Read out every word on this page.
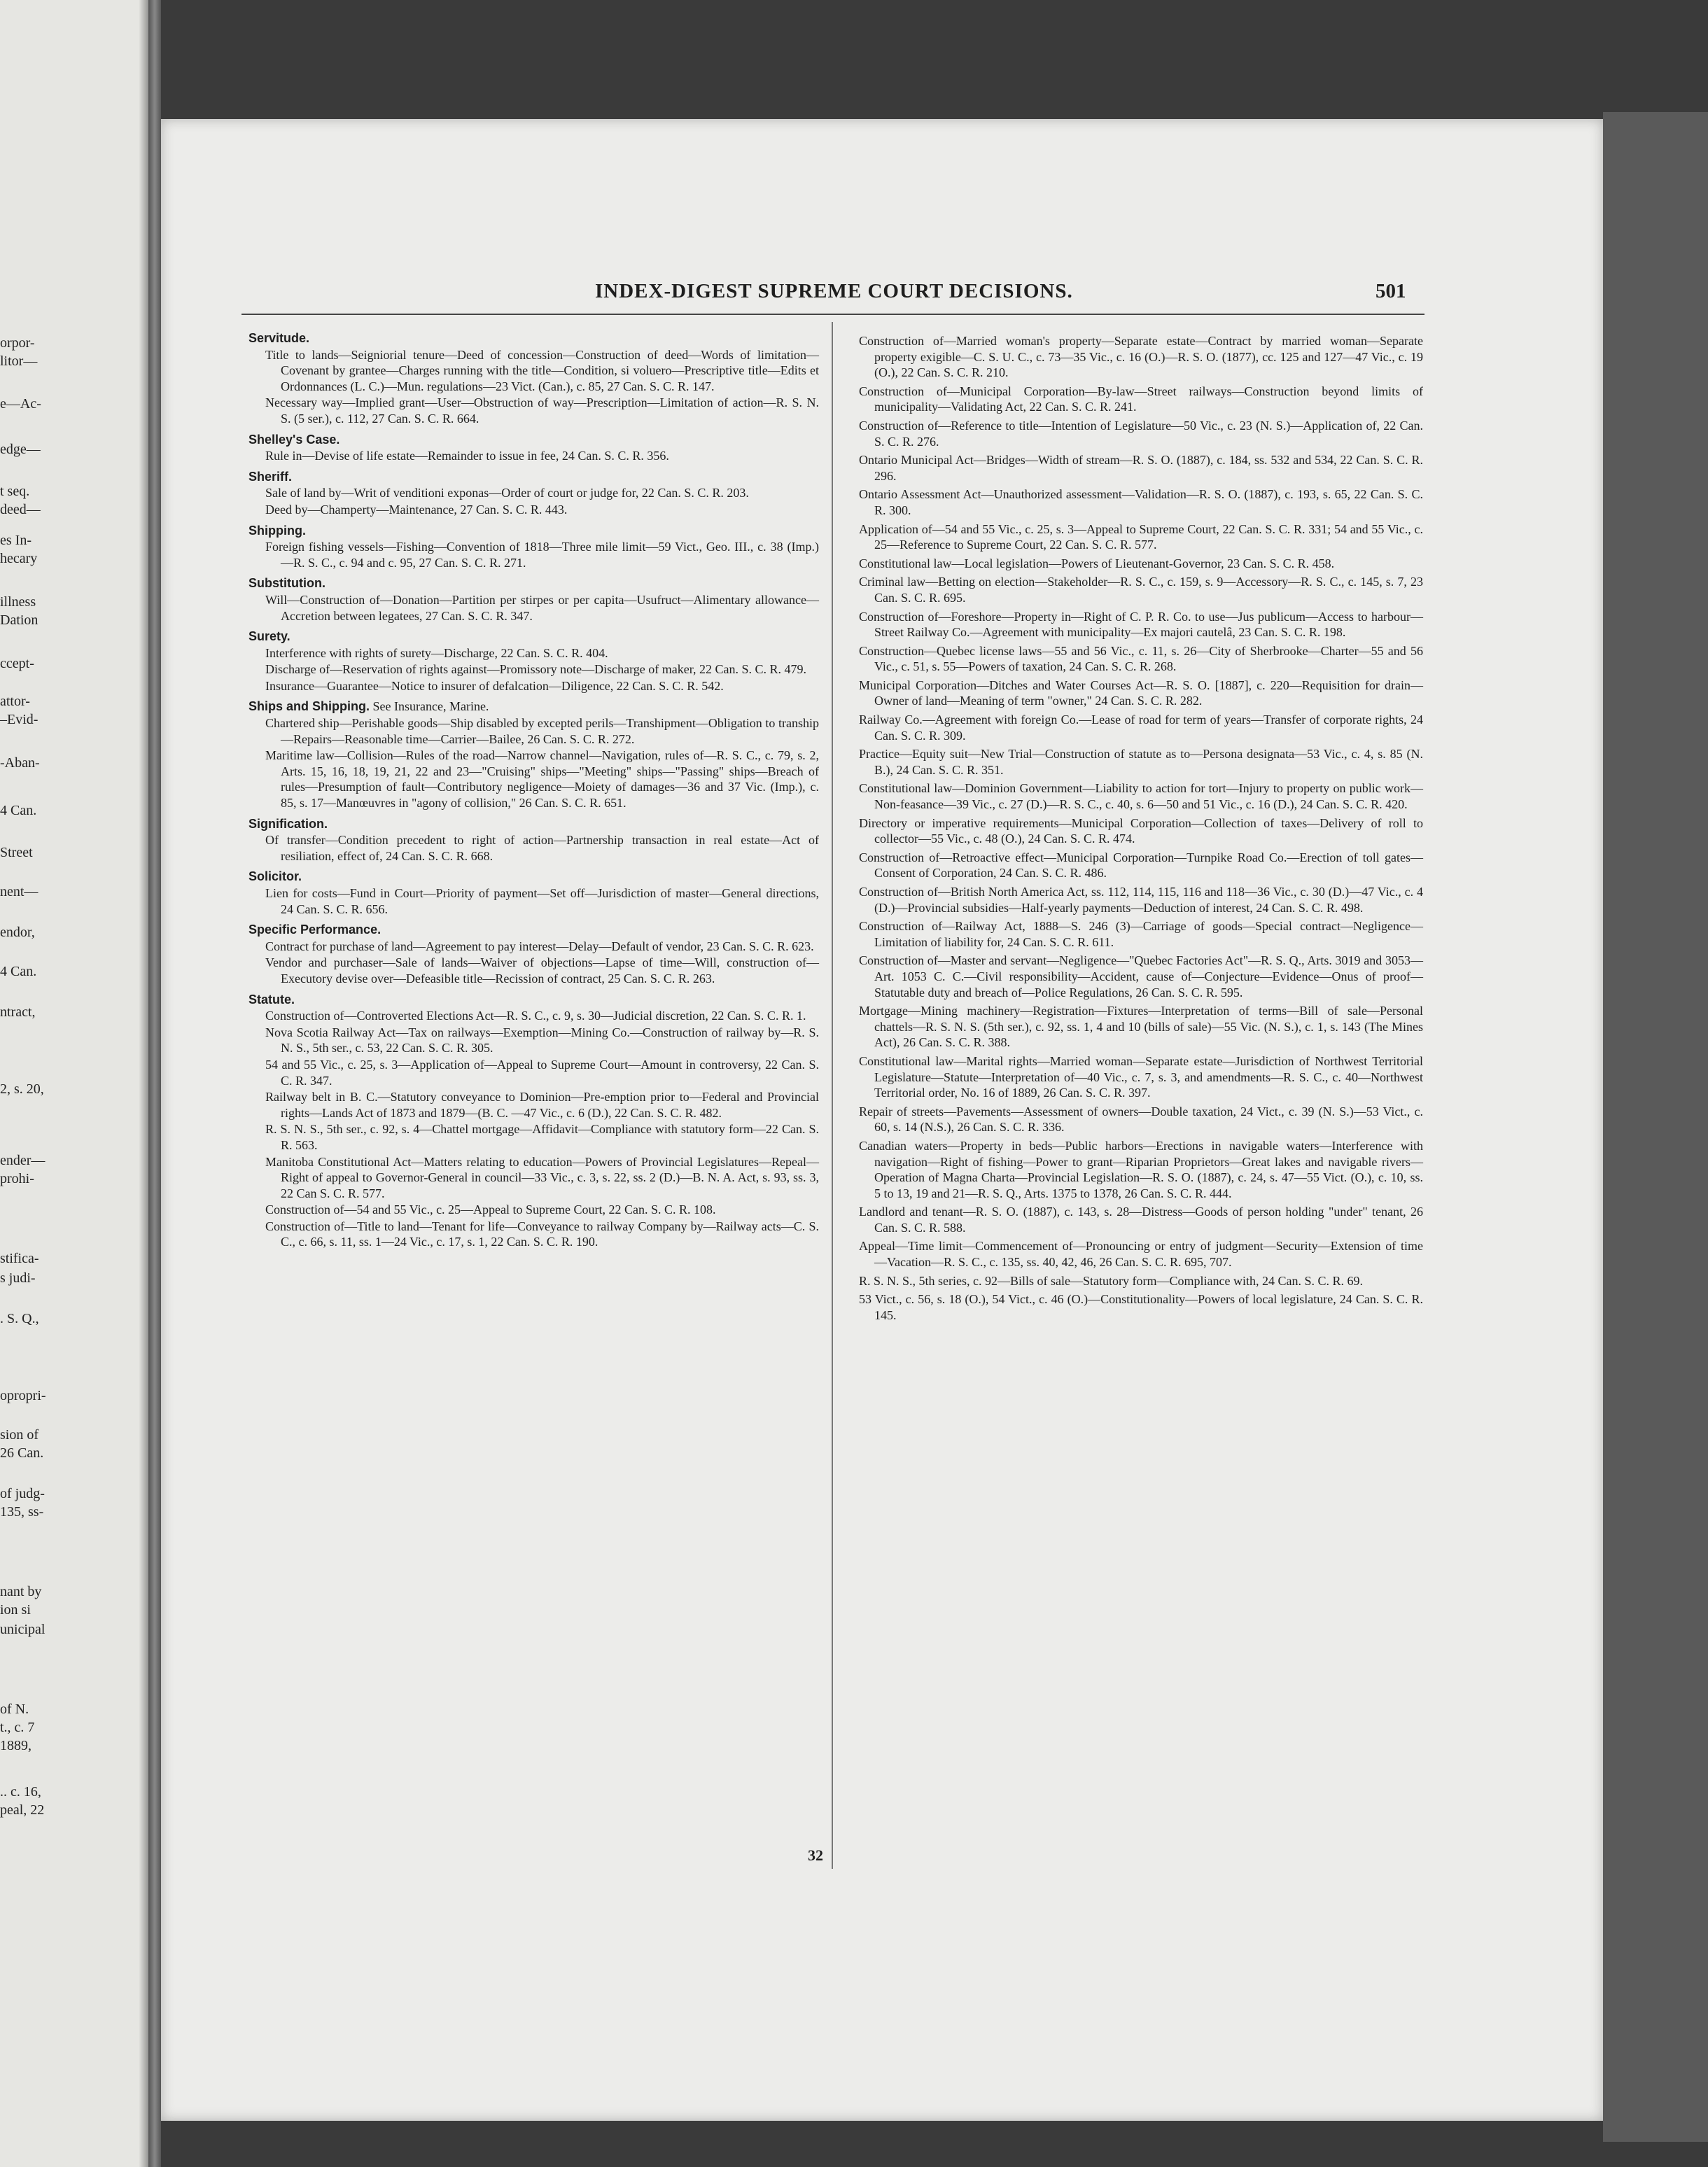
orpor-
litor—
e—Ac-
edge—
t seq.
deed—
es In-
hecary
illness
Dation
ccept-
attor-
–Evid-
-Aban-
4 Can.
Street
nent—
endor,
4 Can.
ntract,
2, s. 20,
ender—
prohi-
stifica-
s judi-
. S. Q.,
opropri-
sion of
26 Can.
of judg-
135, ss-
nant by
ion si
unicipal
of N.
t., c. 7
1889,
.. c. 16,
peal, 22
INDEX-DIGEST SUPREME COURT DECISIONS.	501
Servitude.
Title to lands—Seigniorial tenure—Deed of concession—Construction of deed—Words of limitation—Covenant by grantee—Charges running with the title—Condition, si voluero—Prescriptive title—Edits et Ordonnances (L. C.)—Mun. regulations—23 Vict. (Can.), c. 85, 27 Can. S. C. R. 147.
Necessary way—Implied grant—User—Obstruction of way—Prescription—Limitation of action—R. S. N. S. (5 ser.), c. 112, 27 Can. S. C. R. 664.
Shelley's Case.
Rule in—Devise of life estate—Remainder to issue in fee, 24 Can. S. C. R. 356.
Sheriff.
Sale of land by—Writ of venditioni exponas—Order of court or judge for, 22 Can. S. C. R. 203.
Deed by—Champerty—Maintenance, 27 Can. S. C. R. 443.
Shipping.
Foreign fishing vessels—Fishing—Convention of 1818—Three mile limit—59 Vict., Geo. III., c. 38 (Imp.)—R. S. C., c. 94 and c. 95, 27 Can. S. C. R. 271.
Substitution.
Will—Construction of—Donation—Partition per stirpes or per capita—Usufruct—Alimentary allowance—Accretion between legatees, 27 Can. S. C. R. 347.
Surety.
Interference with rights of surety—Discharge, 22 Can. S. C. R. 404.
Discharge of—Reservation of rights against—Promissory note—Discharge of maker, 22 Can. S. C. R. 479.
Insurance—Guarantee—Notice to insurer of defalcation—Diligence, 22 Can. S. C. R. 542.
Ships and Shipping. See Insurance, Marine.
Chartered ship—Perishable goods—Ship disabled by excepted perils—Transhipment—Obligation to tranship—Repairs—Reasonable time—Carrier—Bailee, 26 Can. S. C. R. 272.
Maritime law—Collision—Rules of the road—Narrow channel—Navigation, rules of—R. S. C., c. 79, s. 2, Arts. 15, 16, 18, 19, 21, 22 and 23—"Cruising" ships—"Meeting" ships—"Passing" ships—Breach of rules—Presumption of fault—Contributory negligence—Moiety of damages—36 and 37 Vic. (Imp.), c. 85, s. 17—Manœuvres in "agony of collision," 26 Can. S. C. R. 651.
Signification.
Of transfer—Condition precedent to right of action—Partnership transaction in real estate—Act of resiliation, effect of, 24 Can. S. C. R. 668.
Solicitor.
Lien for costs—Fund in Court—Priority of payment—Set off—Jurisdiction of master—General directions, 24 Can. S. C. R. 656.
Specific Performance.
Contract for purchase of land—Agreement to pay interest—Delay—Default of vendor, 23 Can. S. C. R. 623.
Vendor and purchaser—Sale of lands—Waiver of objections—Lapse of time—Will, construction of—Executory devise over—Defeasible title—Recission of contract, 25 Can. S. C. R. 263.
Statute.
Construction of—Controverted Elections Act—R. S. C., c. 9, s. 30—Judicial discretion, 22 Can. S. C. R. 1.
Nova Scotia Railway Act—Tax on railways—Exemption—Mining Co.—Construction of railway by—R. S. N. S., 5th ser., c. 53, 22 Can. S. C. R. 305.
54 and 55 Vic., c. 25, s. 3—Application of—Appeal to Supreme Court—Amount in controversy, 22 Can. S. C. R. 347.
Railway belt in B. C.—Statutory conveyance to Dominion—Pre-emption prior to—Federal and Provincial rights—Lands Act of 1873 and 1879—(B. C. —47 Vic., c. 6 (D.), 22 Can. S. C. R. 482.
R. S. N. S., 5th ser., c. 92, s. 4—Chattel mortgage—Affidavit—Compliance with statutory form—22 Can. S. R. 563.
Manitoba Constitutional Act—Matters relating to education—Powers of Provincial Legislatures—Repeal—Right of appeal to Governor-General in council—33 Vic., c. 3, s. 22, ss. 2 (D.)—B. N. A. Act, s. 93, ss. 3, 22 Can S. C. R. 577.
Construction of—54 and 55 Vic., c. 25—Appeal to Supreme Court, 22 Can. S. C. R. 108.
Construction of—Title to land—Tenant for life—Conveyance to railway Company by—Railway acts—C. S. C., c. 66, s. 11, ss. 1—24 Vic., c. 17, s. 1, 22 Can. S. C. R. 190.
Construction of—Married woman's property—Separate estate—Contract by married woman—Separate property exigible—C. S. U. C., c. 73—35 Vic., c. 16 (O.)—R. S. O. (1877), cc. 125 and 127—47 Vic., c. 19 (O.), 22 Can. S. C. R. 210.
Construction of—Municipal Corporation—By-law—Street railways—Construction beyond limits of municipality—Validating Act, 22 Can. S. C. R. 241.
Construction of—Reference to title—Intention of Legislature—50 Vic., c. 23 (N. S.)—Application of, 22 Can. S. C. R. 276.
Ontario Municipal Act—Bridges—Width of stream—R. S. O. (1887), c. 184, ss. 532 and 534, 22 Can. S. C. R. 296.
Ontario Assessment Act—Unauthorized assessment—Validation—R. S. O. (1887), c. 193, s. 65, 22 Can. S. C. R. 300.
Application of—54 and 55 Vic., c. 25, s. 3—Appeal to Supreme Court, 22 Can. S. C. R. 331; 54 and 55 Vic., c. 25—Reference to Supreme Court, 22 Can. S. C. R. 577.
Constitutional law—Local legislation—Powers of Lieutenant-Governor, 23 Can. S. C. R. 458.
Criminal law—Betting on election—Stakeholder—R. S. C., c. 159, s. 9—Accessory—R. S. C., c. 145, s. 7, 23 Can. S. C. R. 695.
Construction of—Foreshore—Property in—Right of C. P. R. Co. to use—Jus publicum—Access to harbour—Street Railway Co.—Agreement with municipality—Ex majori cautelâ, 23 Can. S. C. R. 198.
Construction—Quebec license laws—55 and 56 Vic., c. 11, s. 26—City of Sherbrooke—Charter—55 and 56 Vic., c. 51, s. 55—Powers of taxation, 24 Can. S. C. R. 268.
Municipal Corporation—Ditches and Water Courses Act—R. S. O. [1887], c. 220—Requisition for drain—Owner of land—Meaning of term "owner," 24 Can. S. C. R. 282.
Railway Co.—Agreement with foreign Co.—Lease of road for term of years—Transfer of corporate rights, 24 Can. S. C. R. 309.
Practice—Equity suit—New Trial—Construction of statute as to—Persona designata—53 Vic., c. 4, s. 85 (N. B.), 24 Can. S. C. R. 351.
Constitutional law—Dominion Government—Liability to action for tort—Injury to property on public work—Non-feasance—39 Vic., c. 27 (D.)—R. S. C., c. 40, s. 6—50 and 51 Vic., c. 16 (D.), 24 Can. S. C. R. 420.
Directory or imperative requirements—Municipal Corporation—Collection of taxes—Delivery of roll to collector—55 Vic., c. 48 (O.), 24 Can. S. C. R. 474.
Construction of—Retroactive effect—Municipal Corporation—Turnpike Road Co.—Erection of toll gates—Consent of Corporation, 24 Can. S. C. R. 486.
Construction of—British North America Act, ss. 112, 114, 115, 116 and 118—36 Vic., c. 30 (D.)—47 Vic., c. 4 (D.)—Provincial subsidies—Half-yearly payments—Deduction of interest, 24 Can. S. C. R. 498.
Construction of—Railway Act, 1888—S. 246 (3)—Carriage of goods—Special contract—Negligence—Limitation of liability for, 24 Can. S. C. R. 611.
Construction of—Master and servant—Negligence—"Quebec Factories Act"—R. S. Q., Arts. 3019 and 3053—Art. 1053 C. C.—Civil responsibility—Accident, cause of—Conjecture—Evidence—Onus of proof—Statutable duty and breach of—Police Regulations, 26 Can. S. C. R. 595.
Mortgage—Mining machinery—Registration—Fixtures—Interpretation of terms—Bill of sale—Personal chattels—R. S. N. S. (5th ser.), c. 92, ss. 1, 4 and 10 (bills of sale)—55 Vic. (N. S.), c. 1, s. 143 (The Mines Act), 26 Can. S. C. R. 388.
Constitutional law—Marital rights—Married woman—Separate estate—Jurisdiction of Northwest Territorial Legislature—Statute—Interpretation of—40 Vic., c. 7, s. 3, and amendments—R. S. C., c. 40—Northwest Territorial order, No. 16 of 1889, 26 Can. S. C. R. 397.
Repair of streets—Pavements—Assessment of owners—Double taxation, 24 Vict., c. 39 (N. S.)—53 Vict., c. 60, s. 14 (N.S.), 26 Can. S. C. R. 336.
Canadian waters—Property in beds—Public harbors—Erections in navigable waters—Interference with navigation—Right of fishing—Power to grant—Riparian Proprietors—Great lakes and navigable rivers—Operation of Magna Charta—Provincial Legislation—R. S. O. (1887), c. 24, s. 47—55 Vict. (O.), c. 10, ss. 5 to 13, 19 and 21—R. S. Q., Arts. 1375 to 1378, 26 Can. S. C. R. 444.
Landlord and tenant—R. S. O. (1887), c. 143, s. 28—Distress—Goods of person holding "under" tenant, 26 Can. S. C. R. 588.
Appeal—Time limit—Commencement of—Pronouncing or entry of judgment—Security—Extension of time—Vacation—R. S. C., c. 135, ss. 40, 42, 46, 26 Can. S. C. R. 695, 707.
R. S. N. S., 5th series, c. 92—Bills of sale—Statutory form—Compliance with, 24 Can. S. C. R. 69.
53 Vict., c. 56, s. 18 (O.), 54 Vict., c. 46 (O.)—Constitutionality—Powers of local legislature, 24 Can. S. C. R. 145.
32
